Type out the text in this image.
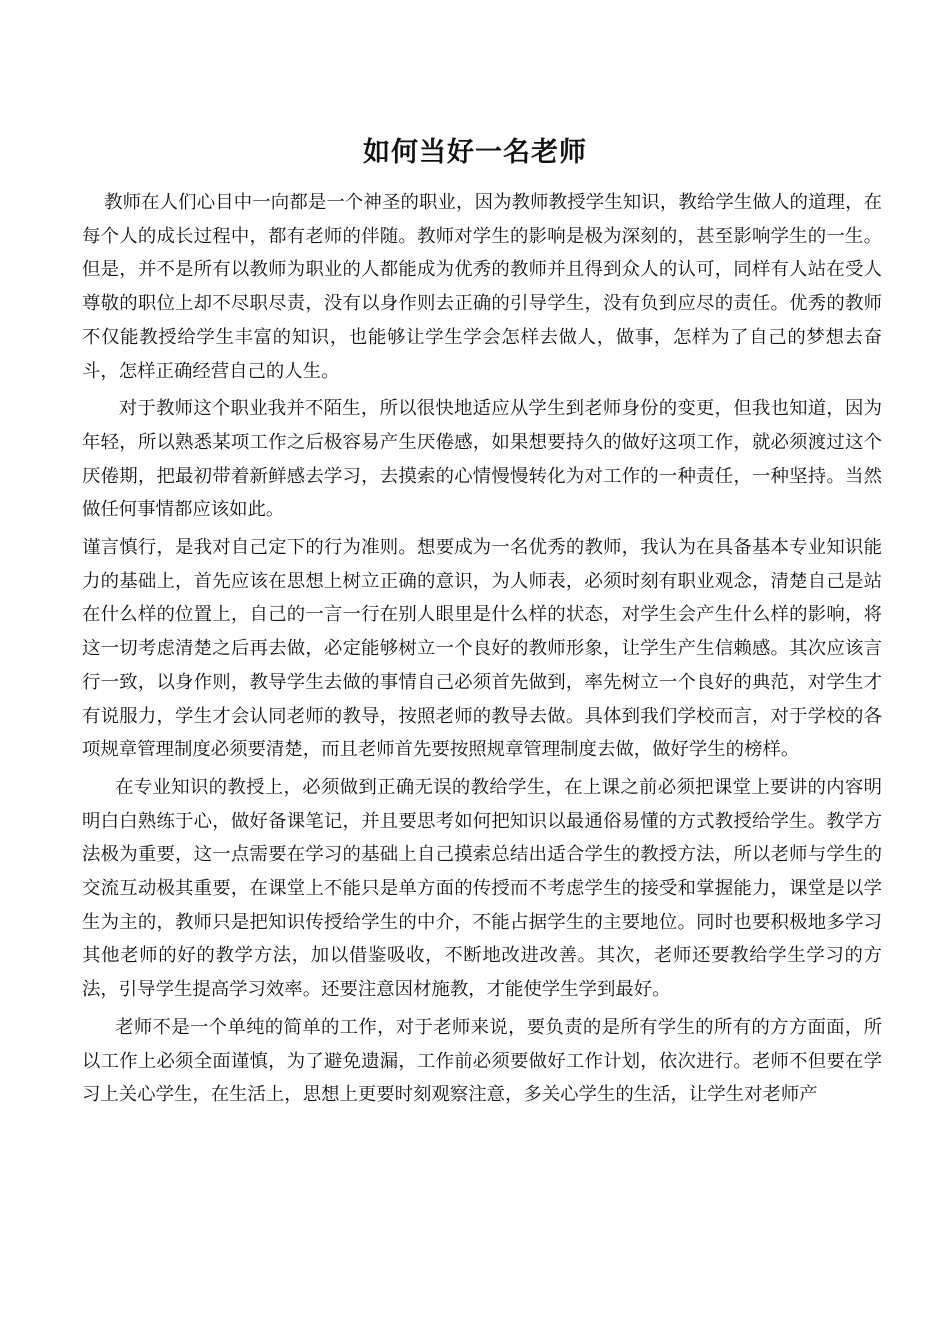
如何当好一名老师

教师在人们心目中一向都是一个神圣的职业，因为教师教授学生知识，教给学生做人的道理，在每个人的成长过程中，都有老师的伴随。教师对学生的影响是极为深刻的，甚至影响学生的一生。但是，并不是所有以教师为职业的人都能成为优秀的教师并且得到众人的认可，同样有人站在受人尊敬的职位上却不尽职尽责，没有以身作则去正确的引导学生，没有负到应尽的责任。优秀的教师不仅能教授给学生丰富的知识，也能够让学生学会怎样去做人，做事，怎样为了自己的梦想去奋斗，怎样正确经营自己的人生。

对于教师这个职业我并不陌生，所以很快地适应从学生到老师身份的变更，但我也知道，因为年轻，所以熟悉某项工作之后极容易产生厌倦感，如果想要持久的做好这项工作，就必须渡过这个厌倦期，把最初带着新鲜感去学习，去摸索的心情慢慢转化为对工作的一种责任，一种坚持。当然做任何事情都应该如此。

谨言慎行，是我对自己定下的行为准则。想要成为一名优秀的教师，我认为在具备基本专业知识能力的基础上，首先应该在思想上树立正确的意识，为人师表，必须时刻有职业观念，清楚自己是站在什么样的位置上，自己的一言一行在别人眼里是什么样的状态，对学生会产生什么样的影响，将这一切考虑清楚之后再去做，必定能够树立一个良好的教师形象，让学生产生信赖感。其次应该言行一致，以身作则，教导学生去做的事情自己必须首先做到，率先树立一个良好的典范，对学生才有说服力，学生才会认同老师的教导，按照老师的教导去做。具体到我们学校而言，对于学校的各项规章管理制度必须要清楚，而且老师首先要按照规章管理制度去做，做好学生的榜样。

在专业知识的教授上，必须做到正确无误的教给学生，在上课之前必须把课堂上要讲的内容明明白白熟练于心，做好备课笔记，并且要思考如何把知识以最通俗易懂的方式教授给学生。教学方法极为重要，这一点需要在学习的基础上自己摸索总结出适合学生的教授方法，所以老师与学生的交流互动极其重要，在课堂上不能只是单方面的传授而不考虑学生的接受和掌握能力，课堂是以学生为主的，教师只是把知识传授给学生的中介，不能占据学生的主要地位。同时也要积极地多学习其他老师的好的教学方法，加以借鉴吸收，不断地改进改善。其次，老师还要教给学生学习的方法，引导学生提高学习效率。还要注意因材施教，才能使学生学到最好。

老师不是一个单纯的简单的工作，对于老师来说，要负责的是所有学生的所有的方方面面，所以工作上必须全面谨慎，为了避免遗漏，工作前必须要做好工作计划，依次进行。老师不但要在学习上关心学生，在生活上，思想上更要时刻观察注意，多关心学生的生活，让学生对老师产
